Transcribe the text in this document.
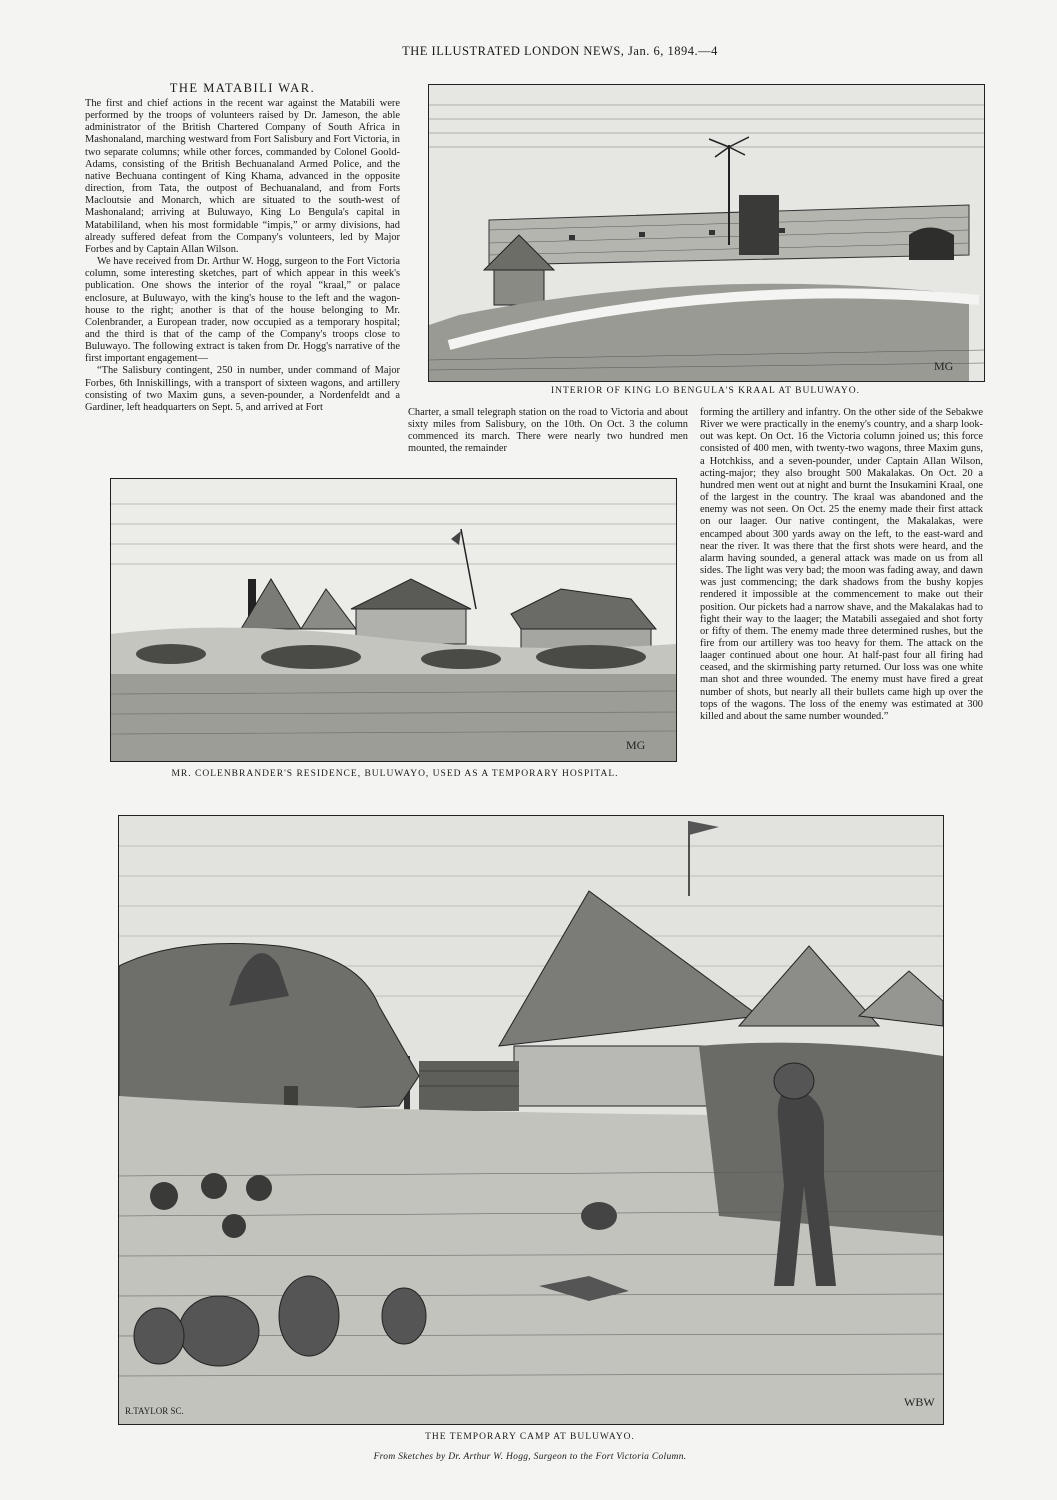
THE ILLUSTRATED LONDON NEWS, Jan. 6, 1894.—4
THE MATABILI WAR.

The first and chief actions in the recent war against the Matabili were performed by the troops of volunteers raised by Dr. Jameson, the able administrator of the British Chartered Company of South Africa in Mashonaland, marching westward from Fort Salisbury and Fort Victoria, in two separate columns; while other forces, commanded by Colonel Goold-Adams, consisting of the British Bechuanaland Armed Police, and the native Bechuana contingent of King Khama, advanced in the opposite direction, from Tata, the outpost of Bechuanaland, and from Forts Macloutsie and Monarch, which are situated to the south-west of Mashonaland; arriving at Buluwayo, King Lo Bengula's capital in Matabililand, when his most formidable “impis,” or army divisions, had already suffered defeat from the Company's volunteers, led by Major Forbes and by Captain Allan Wilson.

We have received from Dr. Arthur W. Hogg, surgeon to the Fort Victoria column, some interesting sketches, part of which appear in this week's publication. One shows the interior of the royal “kraal,” or palace enclosure, at Buluwayo, with the king's house to the left and the wagon-house to the right; another is that of the house belonging to Mr. Colenbrander, a European trader, now occupied as a temporary hospital; and the third is that of the camp of the Company's troops close to Buluwayo. The following extract is taken from Dr. Hogg's narrative of the first important engagement—

“The Salisbury contingent, 250 in number, under command of Major Forbes, 6th Inniskillings, with a transport of sixteen wagons, and artillery consisting of two Maxim guns, a seven-pounder, a Nordenfeldt and a Gardiner, left headquarters on Sept. 5, and arrived at Fort

MG
INTERIOR OF KING LO BENGULA'S KRAAL AT BULUWAYO.

Charter, a small telegraph station on the road to Victoria and about sixty miles from Salisbury, on the 10th. On Oct. 3 the column commenced its march. There were nearly two hundred men mounted, the remainder

forming the artillery and infantry. On the other side of the Sebakwe River we were practically in the enemy's country, and a sharp look-out was kept. On Oct. 16 the Victoria column joined us; this force consisted of 400 men, with twenty-two wagons, three Maxim guns, a Hotchkiss, and a seven-pounder, under Captain Allan Wilson, acting-major; they also brought 500 Makalakas. On Oct. 20 a hundred men went out at night and burnt the Insukamini Kraal, one of the largest in the country. The kraal was abandoned and the enemy was not seen. On Oct. 25 the enemy made their first attack on our laager. Our native contingent, the Makalakas, were encamped about 300 yards away on the left, to the east-ward and near the river. It was there that the first shots were heard, and the alarm having sounded, a general attack was made on us from all sides. The light was very bad; the moon was fading away, and dawn was just commencing; the dark shadows from the bushy kopjes rendered it impossible at the commencement to make out their position. Our pickets had a narrow shave, and the Makalakas had to fight their way to the laager; the Matabili assegaied and shot forty or fifty of them. The enemy made three determined rushes, but the fire from our artillery was too heavy for them. The attack on the laager continued about one hour. At half-past four all firing had ceased, and the skirmishing party returned. Our loss was one white man shot and three wounded. The enemy must have fired a great number of shots, but nearly all their bullets came high up over the tops of the wagons. The loss of the enemy was estimated at 300 killed and about the same number wounded.”

MG
MR. COLENBRANDER'S RESIDENCE, BULUWAYO, USED AS A TEMPORARY HOSPITAL.
R.TAYLOR SC.
WBW
THE TEMPORARY CAMP AT BULUWAYO.
From Sketches by Dr. Arthur W. Hogg, Surgeon to the Fort Victoria Column.
